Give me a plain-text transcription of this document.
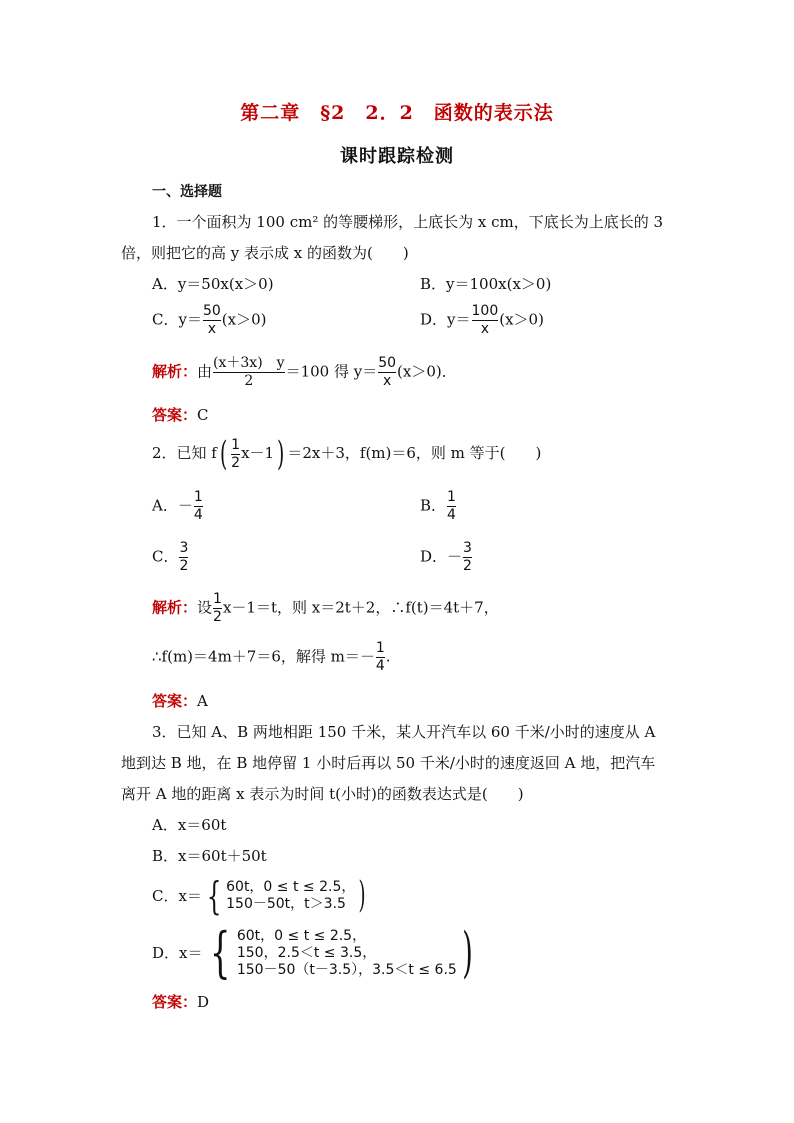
第二章　§2　2．2　函数的表示法
课时跟踪检测
一、选择题
1．一个面积为 100 cm² 的等腰梯形，上底长为 x cm，下底长为上底长的 3
倍，则把它的高 y 表示成 x 的函数为(　　)
A．y＝50x(x＞0)	B．y＝100x(x＞0)
C．$y= \frac{50}{x} (x>0)$	D．$y= \frac{100}{x} (x>0)$
解析：由 $\frac{(x+3x) y}{2} =100$ 得 $y= \frac{50}{x} (x>0)$．
答案：C
2．已知 $f( \frac{1}{2} x-1) =2x+3$，f(m)＝6，则 m 等于(　　)
A．－ $\frac{1}{4}$	B． $\frac{1}{4}$
C． $\frac{3}{2}$	D．－ $\frac{3}{2}$
解析：设 $\frac{1}{2} x-1=t$，则 x＝2t＋2，∴f(t)＝4t＋7，
∴f(m)＝4m＋7＝6，解得 $m=- \frac{1}{4}$ .
答案：A
3．已知 A、B 两地相距 150 千米，某人开汽车以 60 千米/小时的速度从 A
地到达 B 地，在 B 地停留 1 小时后再以 50 千米/小时的速度返回 A 地，把汽车
离开 A 地的距离 x 表示为时间 t(小时)的函数表达式是(　　)
A．x＝60t
B．x＝60t＋50t
C．x＝ { 60t，0 ≤ t ≤ 2.5，
150－50t，t＞3.5 )
D．x＝ { 60t，0 ≤ t ≤ 2.5，
150，2.5＜t ≤ 3.5，
150－50（t－3.5），3.5＜t ≤ 6.5 )
答案：D
